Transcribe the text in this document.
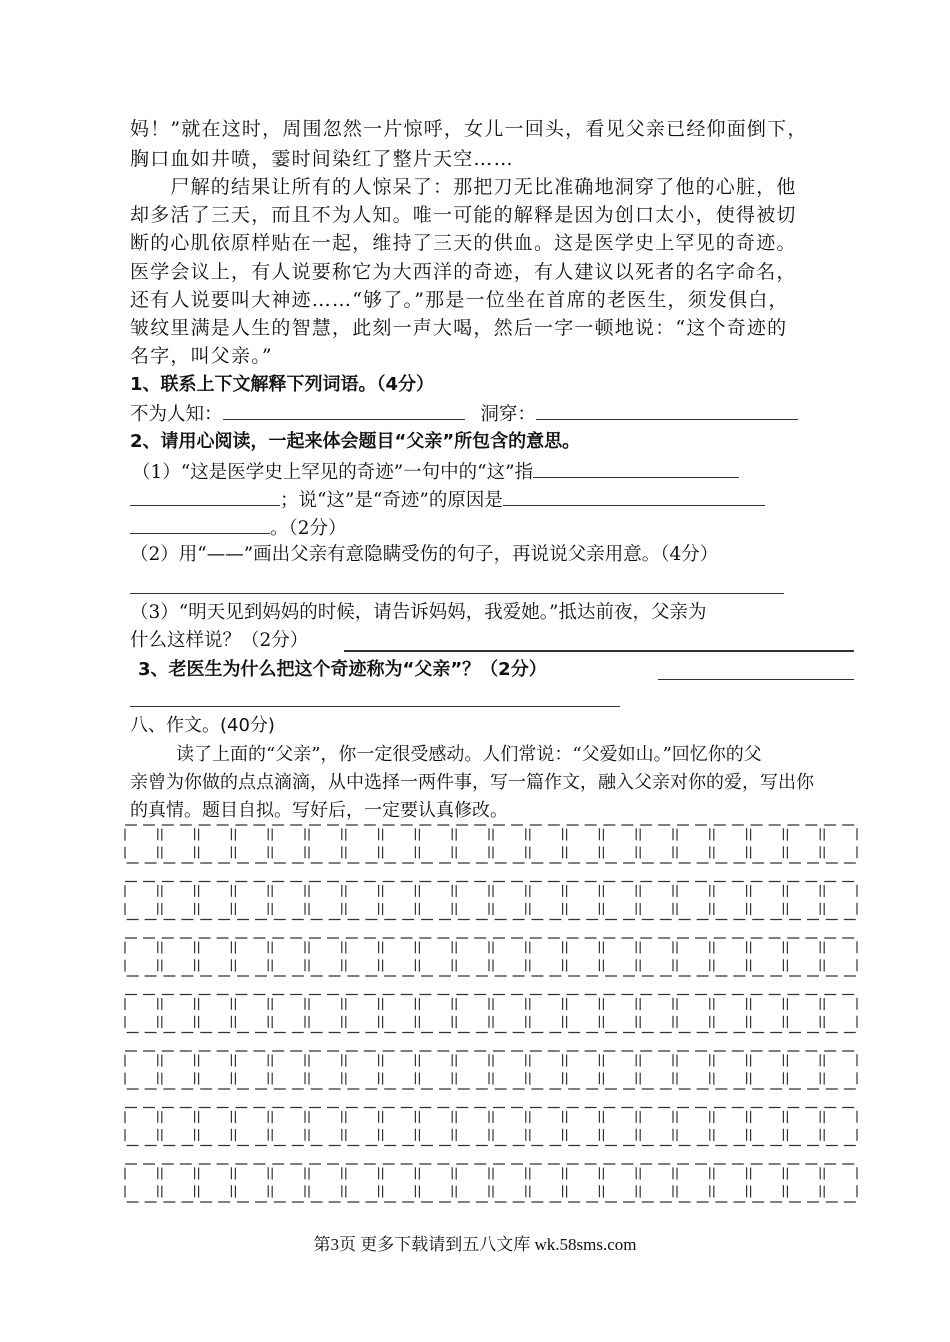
妈！”就在这时，周围忽然一片惊呼，女儿一回头，看见父亲已经仰面倒下，
胸口血如井喷，霎时间染红了整片天空……
　　尸解的结果让所有的人惊呆了：那把刀无比准确地洞穿了他的心脏，他
却多活了三天，而且不为人知。唯一可能的解释是因为创口太小，使得被切
断的心肌依原样贴在一起，维持了三天的供血。这是医学史上罕见的奇迹。
医学会议上，有人说要称它为大西洋的奇迹，有人建议以死者的名字命名，
还有人说要叫大神迹……“够了。”那是一位坐在首席的老医生，须发俱白，
皱纹里满是人生的智慧，此刻一声大喝，然后一字一顿地说：“这个奇迹的
名字，叫父亲。”
1、联系上下文解释下列词语。（4分）
不为人知：	洞穿：
2、请用心阅读，一起来体会题目“父亲”所包含的意思。
（1）“这是医学史上罕见的奇迹”一句中的“这”指
；说“这”是“奇迹”的原因是
。（2分）
（2）用“——”画出父亲有意隐瞒受伤的句子，再说说父亲用意。（4分）
（3）“明天见到妈妈的时候，请告诉妈妈，我爱她。”抵达前夜，父亲为
什么这样说？（2分）
3、老医生为什么把这个奇迹称为“父亲”？（2分）
八、作文。(40分)
读了上面的“父亲”，你一定很受感动。人们常说：“父爱如山。”回忆你的父
亲曾为你做的点点滴滴，从中选择一两件事，写一篇作文，融入父亲对你的爱，写出你
的真情。题目自拟。写好后，一定要认真修改。
第3页 更多下载请到五八文库 wk.58sms.com
